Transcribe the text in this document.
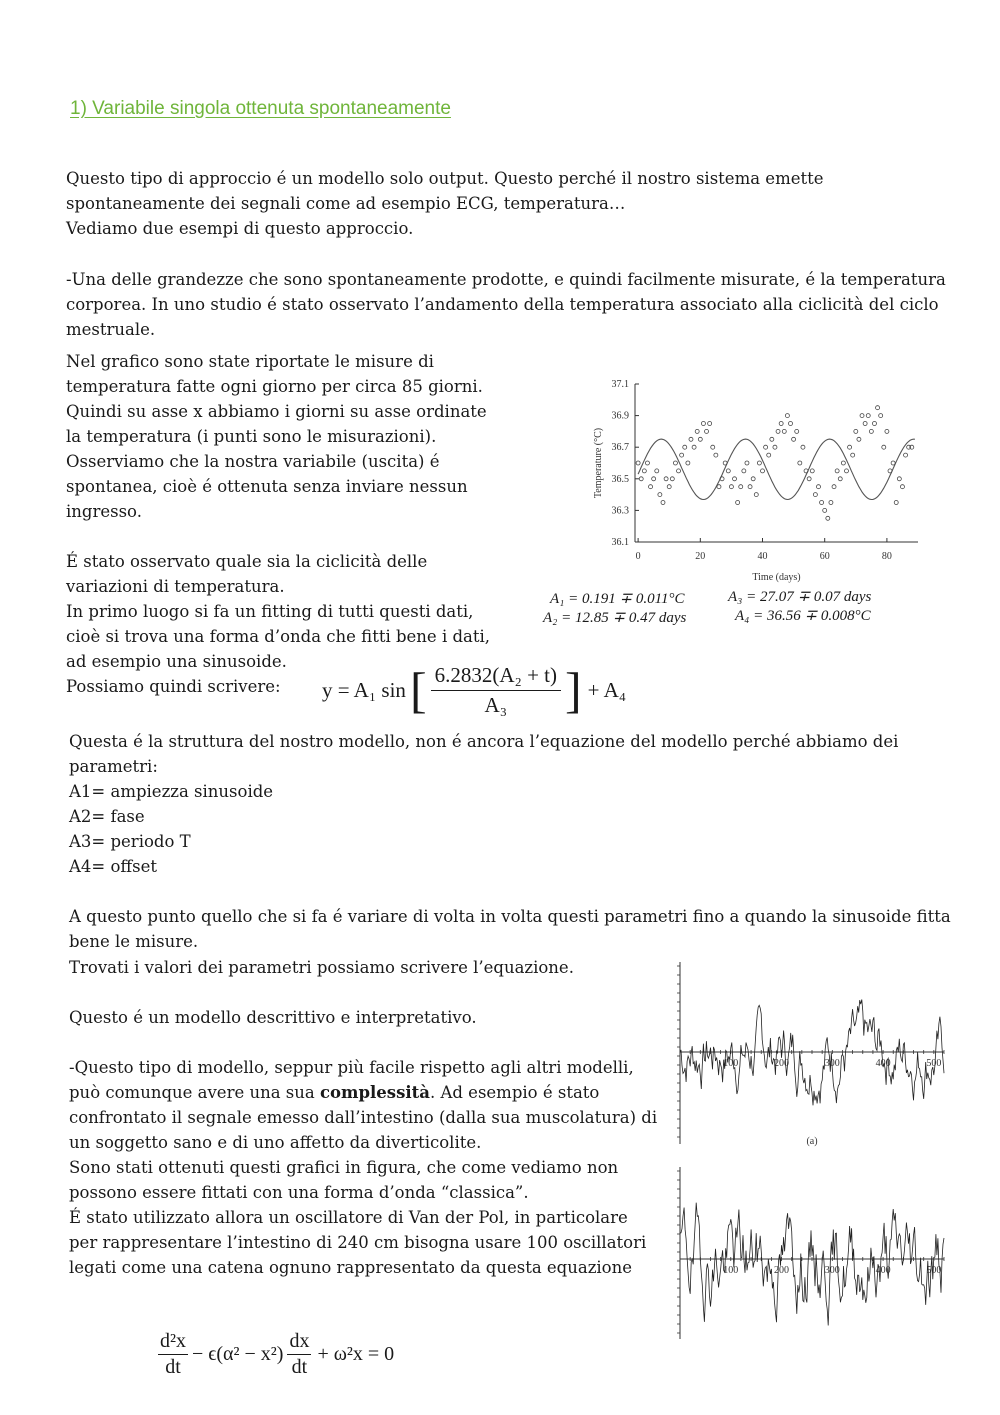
1) Variabile singola ottenuta spontaneamente
Questo tipo di approccio é un modello solo output. Questo perché il nostro sistema emette
spontaneamente dei segnali come ad esempio ECG, temperatura…
Vediamo due esempi di questo approccio.
-Una delle grandezze che sono spontaneamente prodotte, e quindi facilmente misurate, é la temperatura
corporea. In uno studio é stato osservato l’andamento della temperatura associato alla ciclicità del ciclo
mestruale.
Nel grafico sono state riportate le misure di
temperatura fatte ogni giorno per circa 85 giorni.
Quindi su asse x abbiamo i giorni su asse ordinate
la temperatura (i punti sono le misurazioni).
Osserviamo che la nostra variabile (uscita) é
spontanea, cioè é ottenuta senza inviare nessun
ingresso.

É stato osservato quale sia la ciclicità delle
variazioni di temperatura.
In primo luogo si fa un fitting di tutti questi dati,
cioè si trova una forma d’onda che fitti bene i dati,
ad esempio una sinusoide.
Possiamo quindi scrivere:
37.1
36.9
36.7
36.5
36.3
36.1
0	20	40	60	80
Time (days)
Temperature (°C)
A₁ = 0.191 ∓ 0.011°C	A₃ = 27.07 ∓ 0.07 days
A₂ = 12.85 ∓ 0.47 days	A₄ = 36.56 ∓ 0.008°C
y = A₁ sin [ $\frac{\text{6.2832(A₂ + t)}}{\text{A₃}}$ ] + A₄
Questa é la struttura del nostro modello, non é ancora l’equazione del modello perché abbiamo dei
parametri:
A1= ampiezza sinusoide
A2= fase
A3= periodo T
A4= offset

A questo punto quello che si fa é variare di volta in volta questi parametri fino a quando la sinusoide fitta
bene le misure.
Trovati i valori dei parametri possiamo scrivere l’equazione.

Questo é un modello descrittivo e interpretativo.

-Questo tipo di modello, seppur più facile rispetto agli altri modelli,
può comunque avere una sua complessità. Ad esempio é stato
confrontato il segnale emesso dall’intestino (dalla sua muscolatura) di
un soggetto sano e di uno affetto da diverticolite.
Sono stati ottenuti questi grafici in figura, che come vediamo non
possono essere fittati con una forma d’onda “classica”.
É stato utilizzato allora un oscillatore di Van der Pol, in particolare
per rappresentare l’intestino di 240 cm bisogna usare 100 oscillatori
legati come una catena ognuno rappresentato da questa equazione
100	200	300	400	500
(a)
100	200	300	400	500
$\frac{\text{d²x}}{dt} - \epsilon(\alpha^2 - x^2) \frac{dx}{dt} + \omega^2x = 0$
